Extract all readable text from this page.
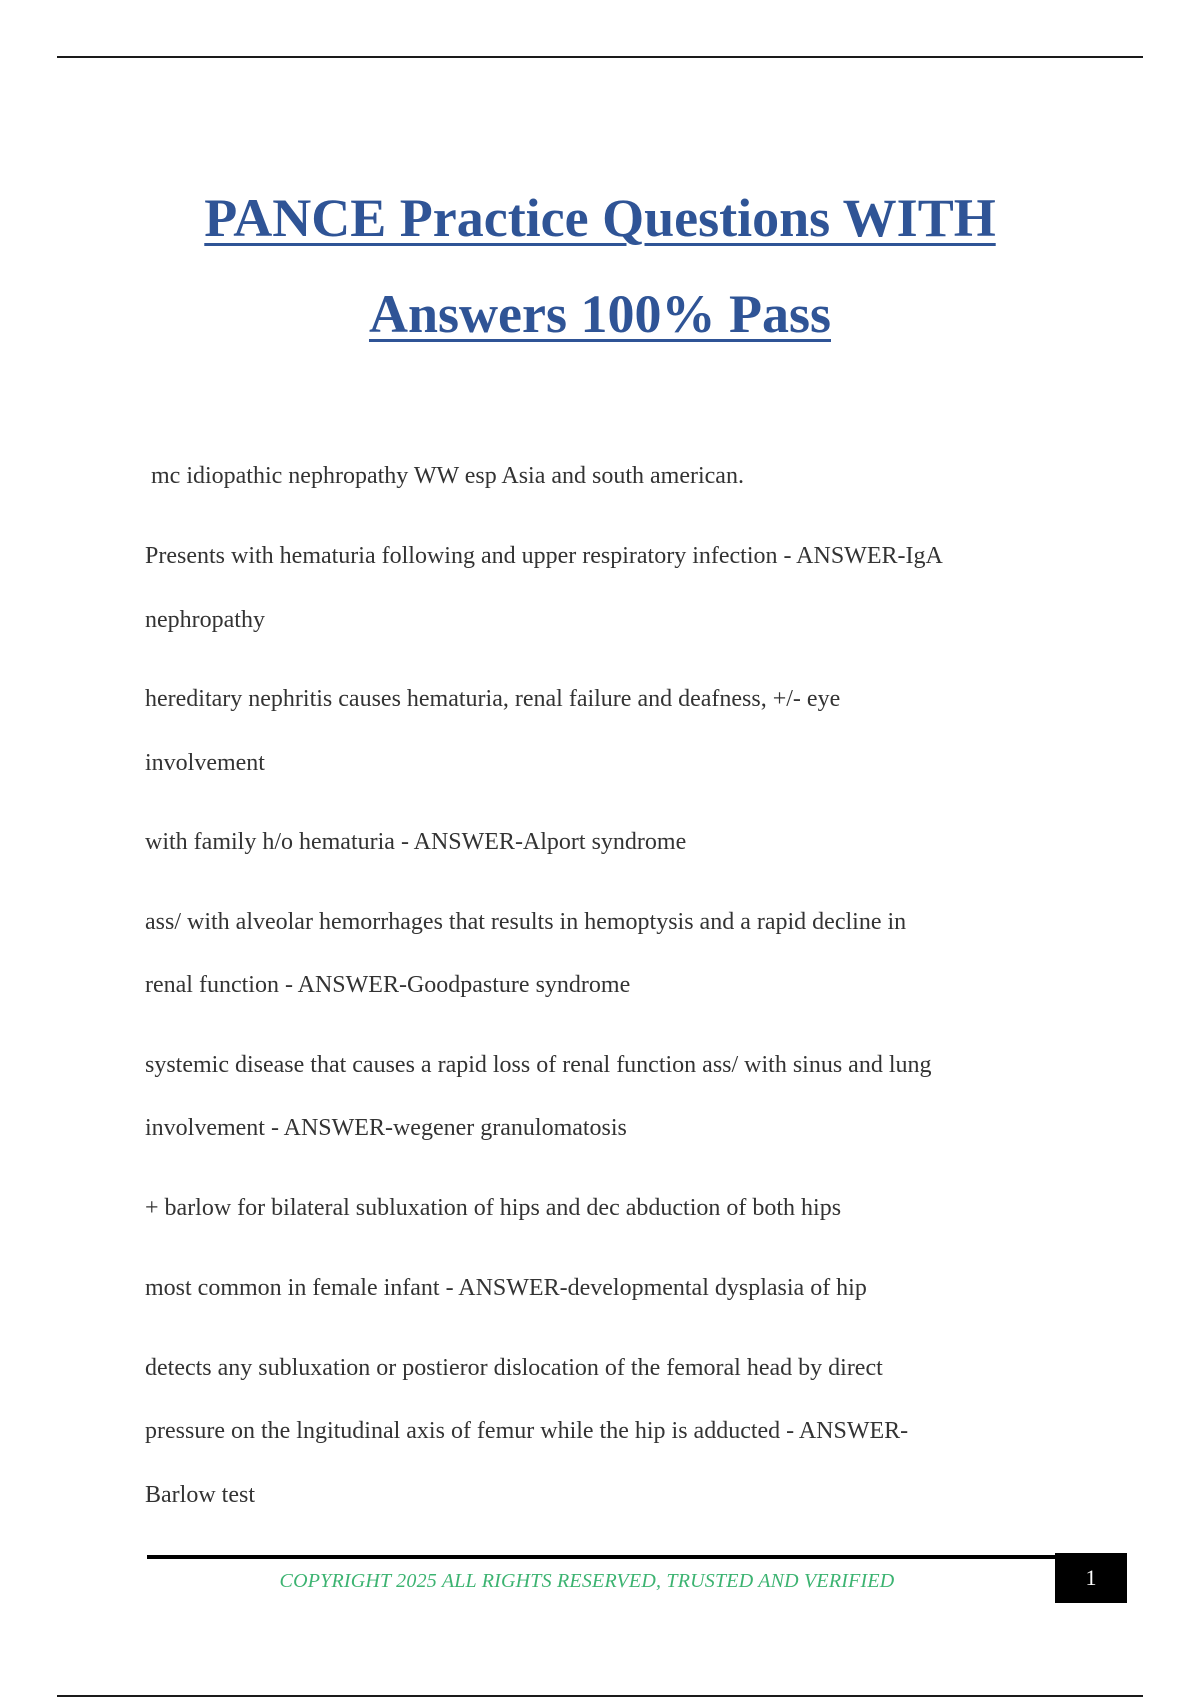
PANCE Practice Questions WITH
Answers 100% Pass
mc idiopathic nephropathy WW esp Asia and south american.
Presents with hematuria following and upper respiratory infection - ANSWER-IgA
nephropathy
hereditary nephritis causes hematuria, renal failure and deafness, +/- eye
involvement
with family h/o hematuria - ANSWER-Alport syndrome
ass/ with alveolar hemorrhages that results in hemoptysis and a rapid decline in
renal function - ANSWER-Goodpasture syndrome
systemic disease that causes a rapid loss of renal function ass/ with sinus and lung
involvement - ANSWER-wegener granulomatosis
+ barlow for bilateral subluxation of hips and dec abduction of both hips
most common in female infant - ANSWER-developmental dysplasia of hip
detects any subluxation or postieror dislocation of the femoral head by direct
pressure on the lngitudinal axis of femur while the hip is adducted - ANSWER-
Barlow test
COPYRIGHT 2025 ALL RIGHTS RESERVED, TRUSTED AND VERIFIED	1
